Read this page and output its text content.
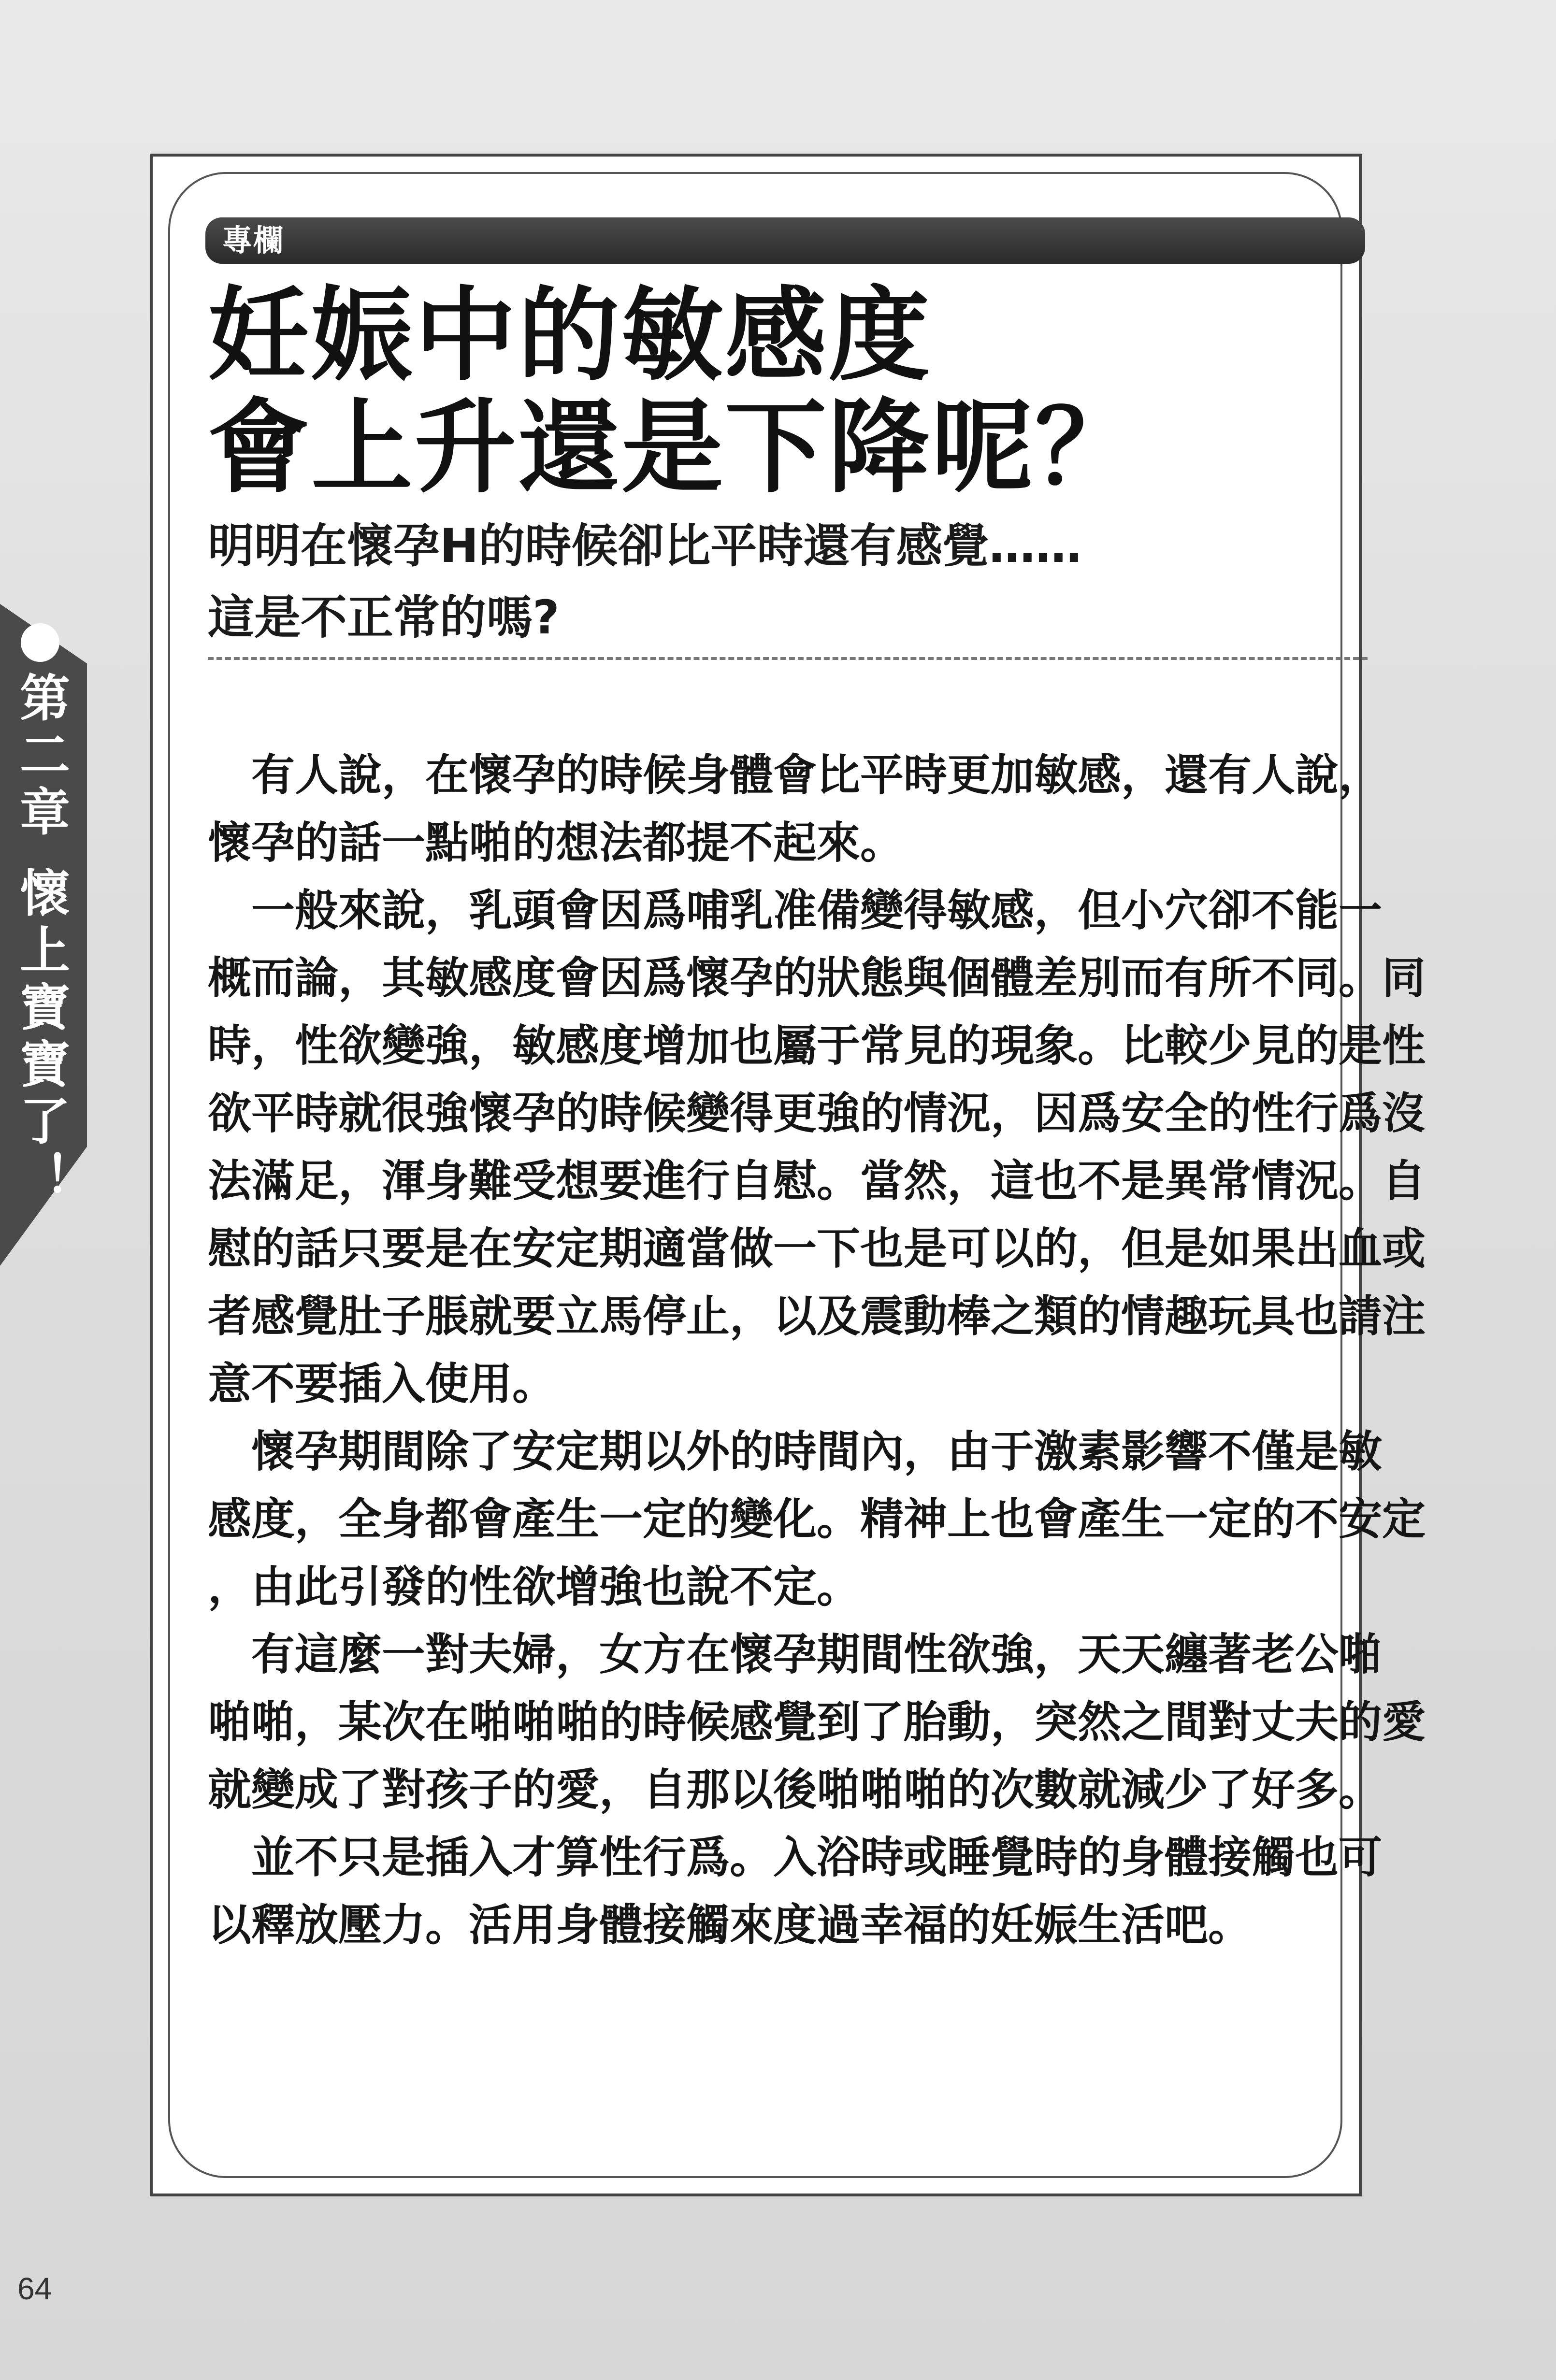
第二章 懷上寶寶了！
專欄
妊娠中的敏感度
會上升還是下降呢？
明明在懷孕H的時候卻比平時還有感覺……
這是不正常的嗎?
　有人說，在懷孕的時候身體會比平時更加敏感，還有人說，
懷孕的話一點啪的想法都提不起來。
　一般來說，乳頭會因爲哺乳准備變得敏感，但小穴卻不能一
概而論，其敏感度會因爲懷孕的狀態與個體差別而有所不同。同
時，性欲變強，敏感度增加也屬于常見的現象。比較少見的是性
欲平時就很強懷孕的時候變得更強的情況，因爲安全的性行爲沒
法滿足，渾身難受想要進行自慰。當然，這也不是異常情況。自
慰的話只要是在安定期適當做一下也是可以的，但是如果出血或
者感覺肚子脹就要立馬停止，以及震動棒之類的情趣玩具也請注
意不要插入使用。
　懷孕期間除了安定期以外的時間內，由于激素影響不僅是敏
感度，全身都會產生一定的變化。精神上也會產生一定的不安定
，由此引發的性欲增強也說不定。
　有這麼一對夫婦，女方在懷孕期間性欲強，天天纏著老公啪
啪啪，某次在啪啪啪的時候感覺到了胎動，突然之間對丈夫的愛
就變成了對孩子的愛，自那以後啪啪啪的次數就減少了好多。
　並不只是插入才算性行爲。入浴時或睡覺時的身體接觸也可
以釋放壓力。活用身體接觸來度過幸福的妊娠生活吧。
64
